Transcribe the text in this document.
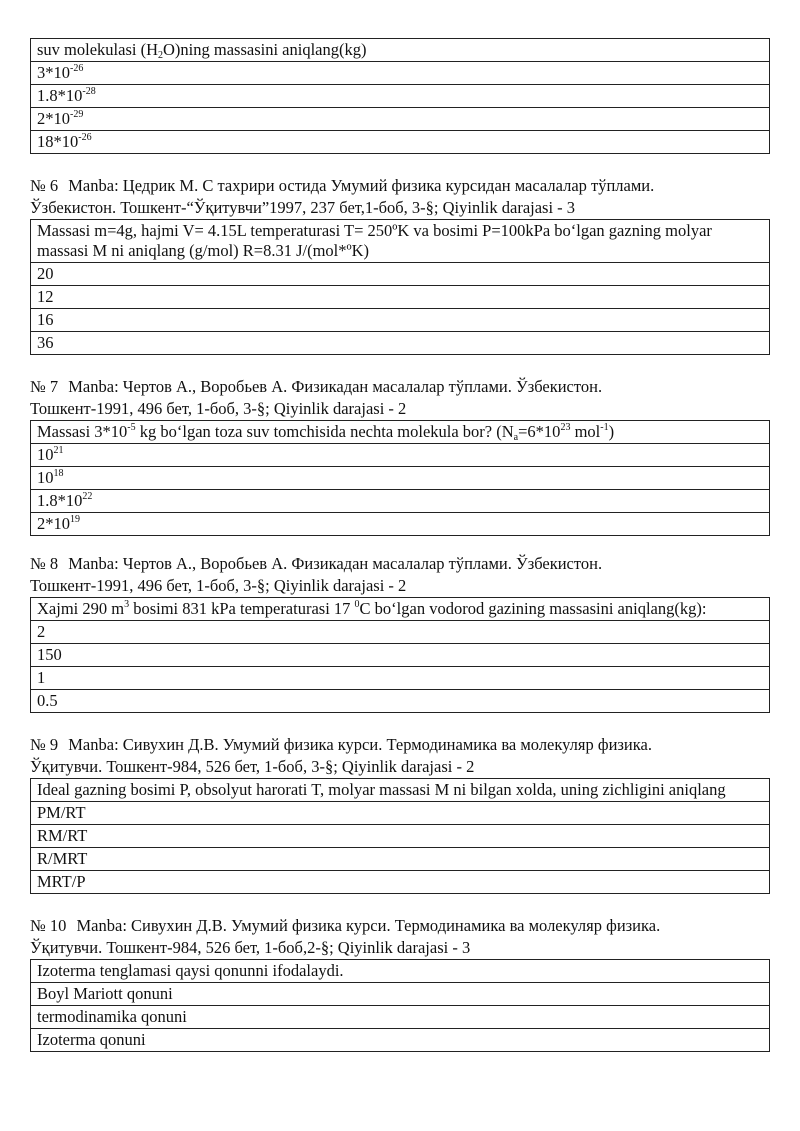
suv molekulasi $(H_2O)ning$ massasini aniqlang(kg)
$3*10^{-26}$
$1.8*10^{-28}$
$2*10^{-29}$
$18*10^{-26}$

№ 6 Manba: Цедрик М. С тахрири остида Умумий физика курсидан масалалар тўплами.

Ўзбекистон. Тошкент-“Ўқитувчи”1997, 237 бет,1-боб, 3-§; Qiyinlik darajasi - 3

Massasi m=4g, hajmi V= 4.15L temperaturasi T= 250ºK va bosimi P=100kPa bo‘lgan gazning molyar massasi M ni aniqlang (g/mol) R=8.31 J/(mol*ºK)
20
12
16
36

№ 7 Manba: Чертов А., Воробьев А. Физикадан масалалар тўплами. Ўзбекистон.

Тошкент-1991, 496 бет, 1-боб, 3-§; Qiyinlik darajasi - 2

Massasi $3*10^{-5}$ kg bo‘lgan toza suv tomchisida nechta molekula bor? ($N_a=6*10^{23}$ mol$^{-1}$)
$10^{21}$
$10^{18}$
$1.8*10^{22}$
$2*10^{19}$

№ 8 Manba: Чертов А., Воробьев А. Физикадан масалалар тўплами. Ўзбекистон.

Тошкент-1991, 496 бет, 1-боб, 3-§; Qiyinlik darajasi - 2

Xajmi 290 $m^3$ bosimi 831 kPa temperaturasi 17 $^0$C bo‘lgan vodorod gazining massasini aniqlang(kg):
2
150
1
0.5

№ 9 Manba: Сивухин Д.В. Умумий физика курси. Термодинамика ва молекуляр физика.

Ўқитувчи. Тошкент-984, 526 бет, 1-боб, 3-§; Qiyinlik darajasi - 2

Ideal gazning bosimi P, obsolyut harorati T, molyar massasi M ni bilgan xolda, uning zichligini aniqlang
PM/RT
RM/RT
R/MRT
MRT/P

№ 10 Manba: Сивухин Д.В. Умумий физика курси. Термодинамика ва молекуляр физика.

Ўқитувчи. Тошкент-984, 526 бет, 1-боб,2-§; Qiyinlik darajasi - 3

Izoterma tenglamasi qaysi qonunni ifodalaydi.
Boyl Mariott qonuni
termodinamika qonuni
Izoterma qonuni
